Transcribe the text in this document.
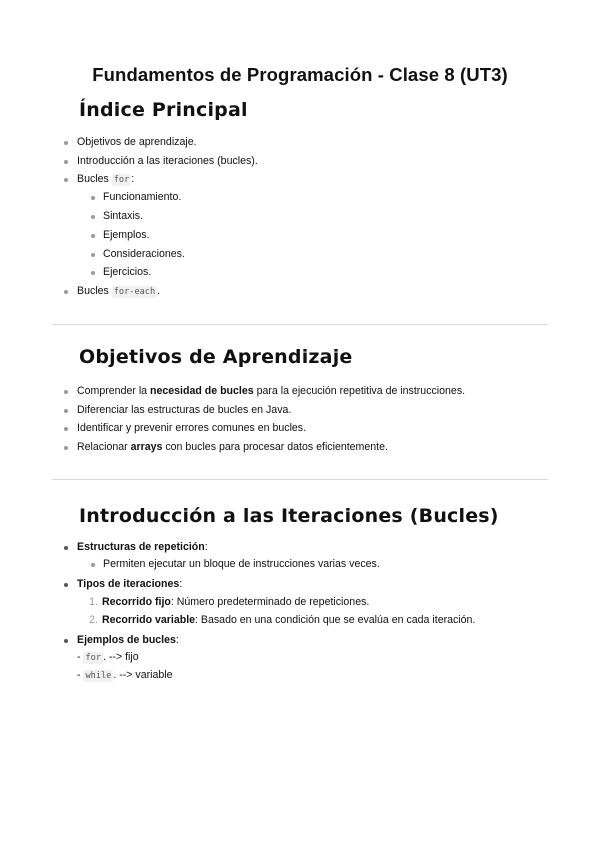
Fundamentos de Programación - Clase 8 (UT3)
Índice Principal
Objetivos de aprendizaje.
Introducción a las iteraciones (bucles).
Bucles for :
Funcionamiento.
Sintaxis.
Ejemplos.
Consideraciones.
Ejercicios.
Bucles for-each .
Objetivos de Aprendizaje
Comprender la necesidad de bucles para la ejecución repetitiva de instrucciones.
Diferenciar las estructuras de bucles en Java.
Identificar y prevenir errores comunes en bucles.
Relacionar arrays con bucles para procesar datos eficientemente.
Introducción a las Iteraciones (Bucles)
Estructuras de repetición:
Permiten ejecutar un bloque de instrucciones varias veces.
Tipos de iteraciones:
1. Recorrido fijo: Número predeterminado de repeticiones.
2. Recorrido variable: Basado en una condición que se evalúa en cada iteración.
Ejemplos de bucles:
- for . --> fijo
- while . --> variable
